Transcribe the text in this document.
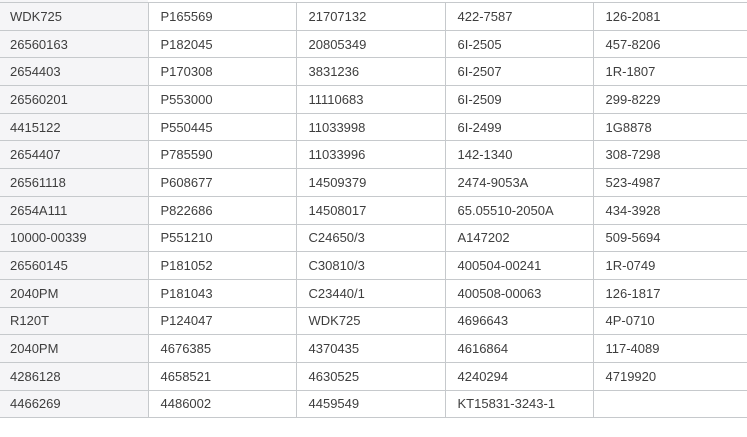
WDK725	P165569	21707132	422-7587	126-2081
26560163	P182045	20805349	6I-2505	457-8206
2654403	P170308	3831236	6I-2507	1R-1807
26560201	P553000	11110683	6I-2509	299-8229
4415122	P550445	11033998	6I-2499	1G8878
2654407	P785590	11033996	142-1340	308-7298
26561118	P608677	14509379	2474-9053A	523-4987
2654A111	P822686	14508017	65.05510-2050A	434-3928
10000-00339	P551210	C24650/3	A147202	509-5694
26560145	P181052	C30810/3	400504-00241	1R-0749
2040PM	P181043	C23440/1	400508-00063	126-1817
R120T	P124047	WDK725	4696643	4P-0710
2040PM	4676385	4370435	4616864	117-4089
4286128	4658521	4630525	4240294	4719920
4466269	4486002	4459549	KT15831-3243-1	
